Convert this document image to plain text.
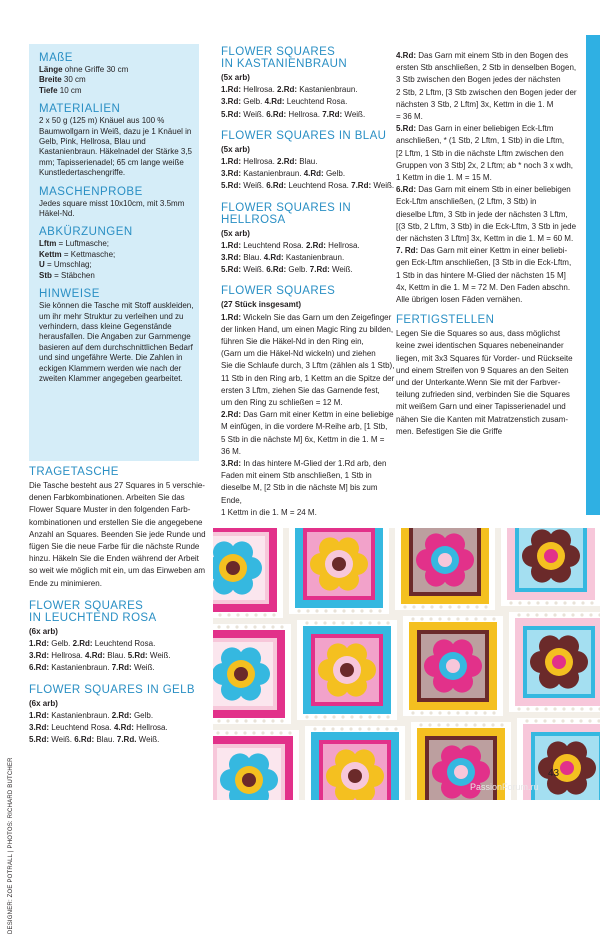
MAßE
Länge ohne Griffe 30 cm
Breite 30 cm
Tiefe 10 cm
MATERIALIEN
2 x 50 g (125 m) Knäuel aus 100 % Baumwollgarn in Weiß, dazu je 1 Knäuel in Gelb, Pink, Hellrosa, Blau und Kastanienbraun. Häkelnadel der Stärke 3,5 mm; Tapisserienadel; 65 cm lange weiße Kunstledertaschengriffe.
MASCHENPROBE
Jedes square misst 10x10cm, mit 3.5mm Häkel-Nd.
ABKÜRZUNGEN
Lftm = Luftmasche;
Kettm = Kettmasche;
U = Umschlag;
Stb = Stäbchen
HINWEISE
Sie können die Tasche mit Stoff auskleiden, um ihr mehr Struktur zu verleihen und zu verhindern, dass kleine Gegenstände herausfallen. Die Angaben zur Garnmenge basieren auf dem durchschnittlichen Bedarf und sind ungefähre Werte. Die Zahlen in eckigen Klammern werden wie nach der zweiten Klammer angegeben gearbeitet.
TRAGETASCHE

Die Tasche besteht aus 27 Squares in 5 verschie-

denen Farbkombinationen. Arbeiten Sie das

Flower Square Muster in den folgenden Farb-

kombinationen und erstellen Sie die angegebene

Anzahl an Squares. Beenden Sie jede Runde und

fügen Sie die neue Farbe für die nächste Runde

hinzu. Häkeln Sie die Enden während der Arbeit

so weit wie möglich mit ein, um das Einweben am

Ende zu minimieren.

FLOWER SQUARES
IN LEUCHTEND ROSA

(6x arb)

1.Rd: Gelb. 2.Rd: Leuchtend Rosa.

3.Rd: Hellrosa. 4.Rd: Blau. 5.Rd: Weiß.

6.Rd: Kastanienbraun. 7.Rd: Weiß.

FLOWER SQUARES IN GELB

(6x arb)

1.Rd: Kastanienbraun. 2.Rd: Gelb.

3.Rd: Leuchtend Rosa. 4.Rd: Hellrosa.

5.Rd: Weiß. 6.Rd: Blau. 7.Rd. Weiß.

FLOWER SQUARES
IN KASTANIENBRAUN

(5x arb)

1.Rd: Hellrosa. 2.Rd: Kastanienbraun.

3.Rd: Gelb. 4.Rd: Leuchtend Rosa.

5.Rd: Weiß. 6.Rd: Hellrosa. 7.Rd: Weiß.

FLOWER SQUARES IN BLAU

(5x arb)

1.Rd: Hellrosa. 2.Rd: Blau.

3.Rd: Kastanienbraun. 4.Rd: Gelb.

5.Rd: Weiß. 6.Rd: Leuchtend Rosa. 7.Rd: Weiß.

FLOWER SQUARES IN HELLROSA

(5x arb)

1.Rd: Leuchtend Rosa. 2.Rd: Hellrosa.

3.Rd: Blau. 4.Rd: Kastanienbraun.

5.Rd: Weiß. 6.Rd: Gelb. 7.Rd: Weiß.

FLOWER SQUARES

(27 Stück insgesamt)

1.Rd: Wickeln Sie das Garn um den Zeigefinger

der linken Hand, um einen Magic Ring zu bilden,

führen Sie die Häkel-Nd in den Ring ein,

(Garn um die Häkel-Nd wickeln) und ziehen

Sie die Schlaufe durch, 3 Lftm (zählen als 1 Stb),

11 Stb in den Ring arb, 1 Kettm an die Spitze der

ersten 3 Lftm, ziehen Sie das Garnende fest,

um den Ring zu schließen = 12 M.

2.Rd: Das Garn mit einer Kettm in eine beliebige

M einfügen, in die vordere M-Reihe arb, [1 Stb,

5 Stb in die nächste M] 6x, Kettm in die 1. M =

36 M.

3.Rd: In das hintere M-Glied der 1.Rd arb, den

Faden mit einem Stb anschließen, 1 Stb in

dieselbe M, [2 Stb in die nächste M] bis zum Ende,

1 Kettm in die 1. M = 24 M.

4.Rd: Das Garn mit einem Stb in den Bogen des

ersten Stb anschließen, 2 Stb in denselben Bogen,

3 Stb zwischen den Bogen jedes der nächsten

2 Stb, 2 Lftm, [3 Stb zwischen den Bogen jeder der

nächsten 3 Stb, 2 Lftm] 3x, Kettm in die 1. M

= 36 M.

5.Rd: Das Garn in einer beliebigen Eck-Lftm

anschließen, * (1 Stb, 2 Lftm, 1 Stb) in die Lftm,

[2 Lftm, 1 Stb in die nächste Lftm zwischen den

Gruppen von 3 Stb] 2x, 2 Lftm; ab * noch 3 x wdh,

1 Kettm in die 1. M = 15 M.

6.Rd: Das Garn mit einem Stb in einer beliebigen

Eck-Lftm anschließen, (2 Lftm, 3 Stb) in

dieselbe Lftm, 3 Stb in jede der nächsten 3 Lftm,

[(3 Stb, 2 Lftm, 3 Stb) in die Eck-Lftm, 3 Stb in jede

der nächsten 3 Lftm] 3x, Kettm in die 1. M = 60 M.

7. Rd: Das Garn mit einer Kettm in einer beliebi-

gen Eck-Lftm anschließen, [3 Stb in die Eck-Lftm,

1 Stb in das hintere M-Glied der nächsten 15 M]

4x, Kettm in die 1. M = 72 M. Den Faden abschn.

Alle übrigen losen Fäden vernähen.

FERTIGSTELLEN

Legen Sie die Squares so aus, dass möglichst

keine zwei identischen Squares nebeneinander

liegen, mit 3x3 Squares für Vorder- und Rückseite

und einem Streifen von 9 Squares an den Seiten

und der Unterkante.Wenn Sie mit der Farbver-

teilung zufrieden sind, verbinden Sie die Squares

mit weißem Garn und einer Tapisserienadel und

nähen Sie die Kanten mit Matratzenstich zusam-

men. Befestigen Sie die Griffe

DESIGNER: ZOE POTRALL | PHOTOS: RICHARD BUTCHER	43
PassionForum.ru
